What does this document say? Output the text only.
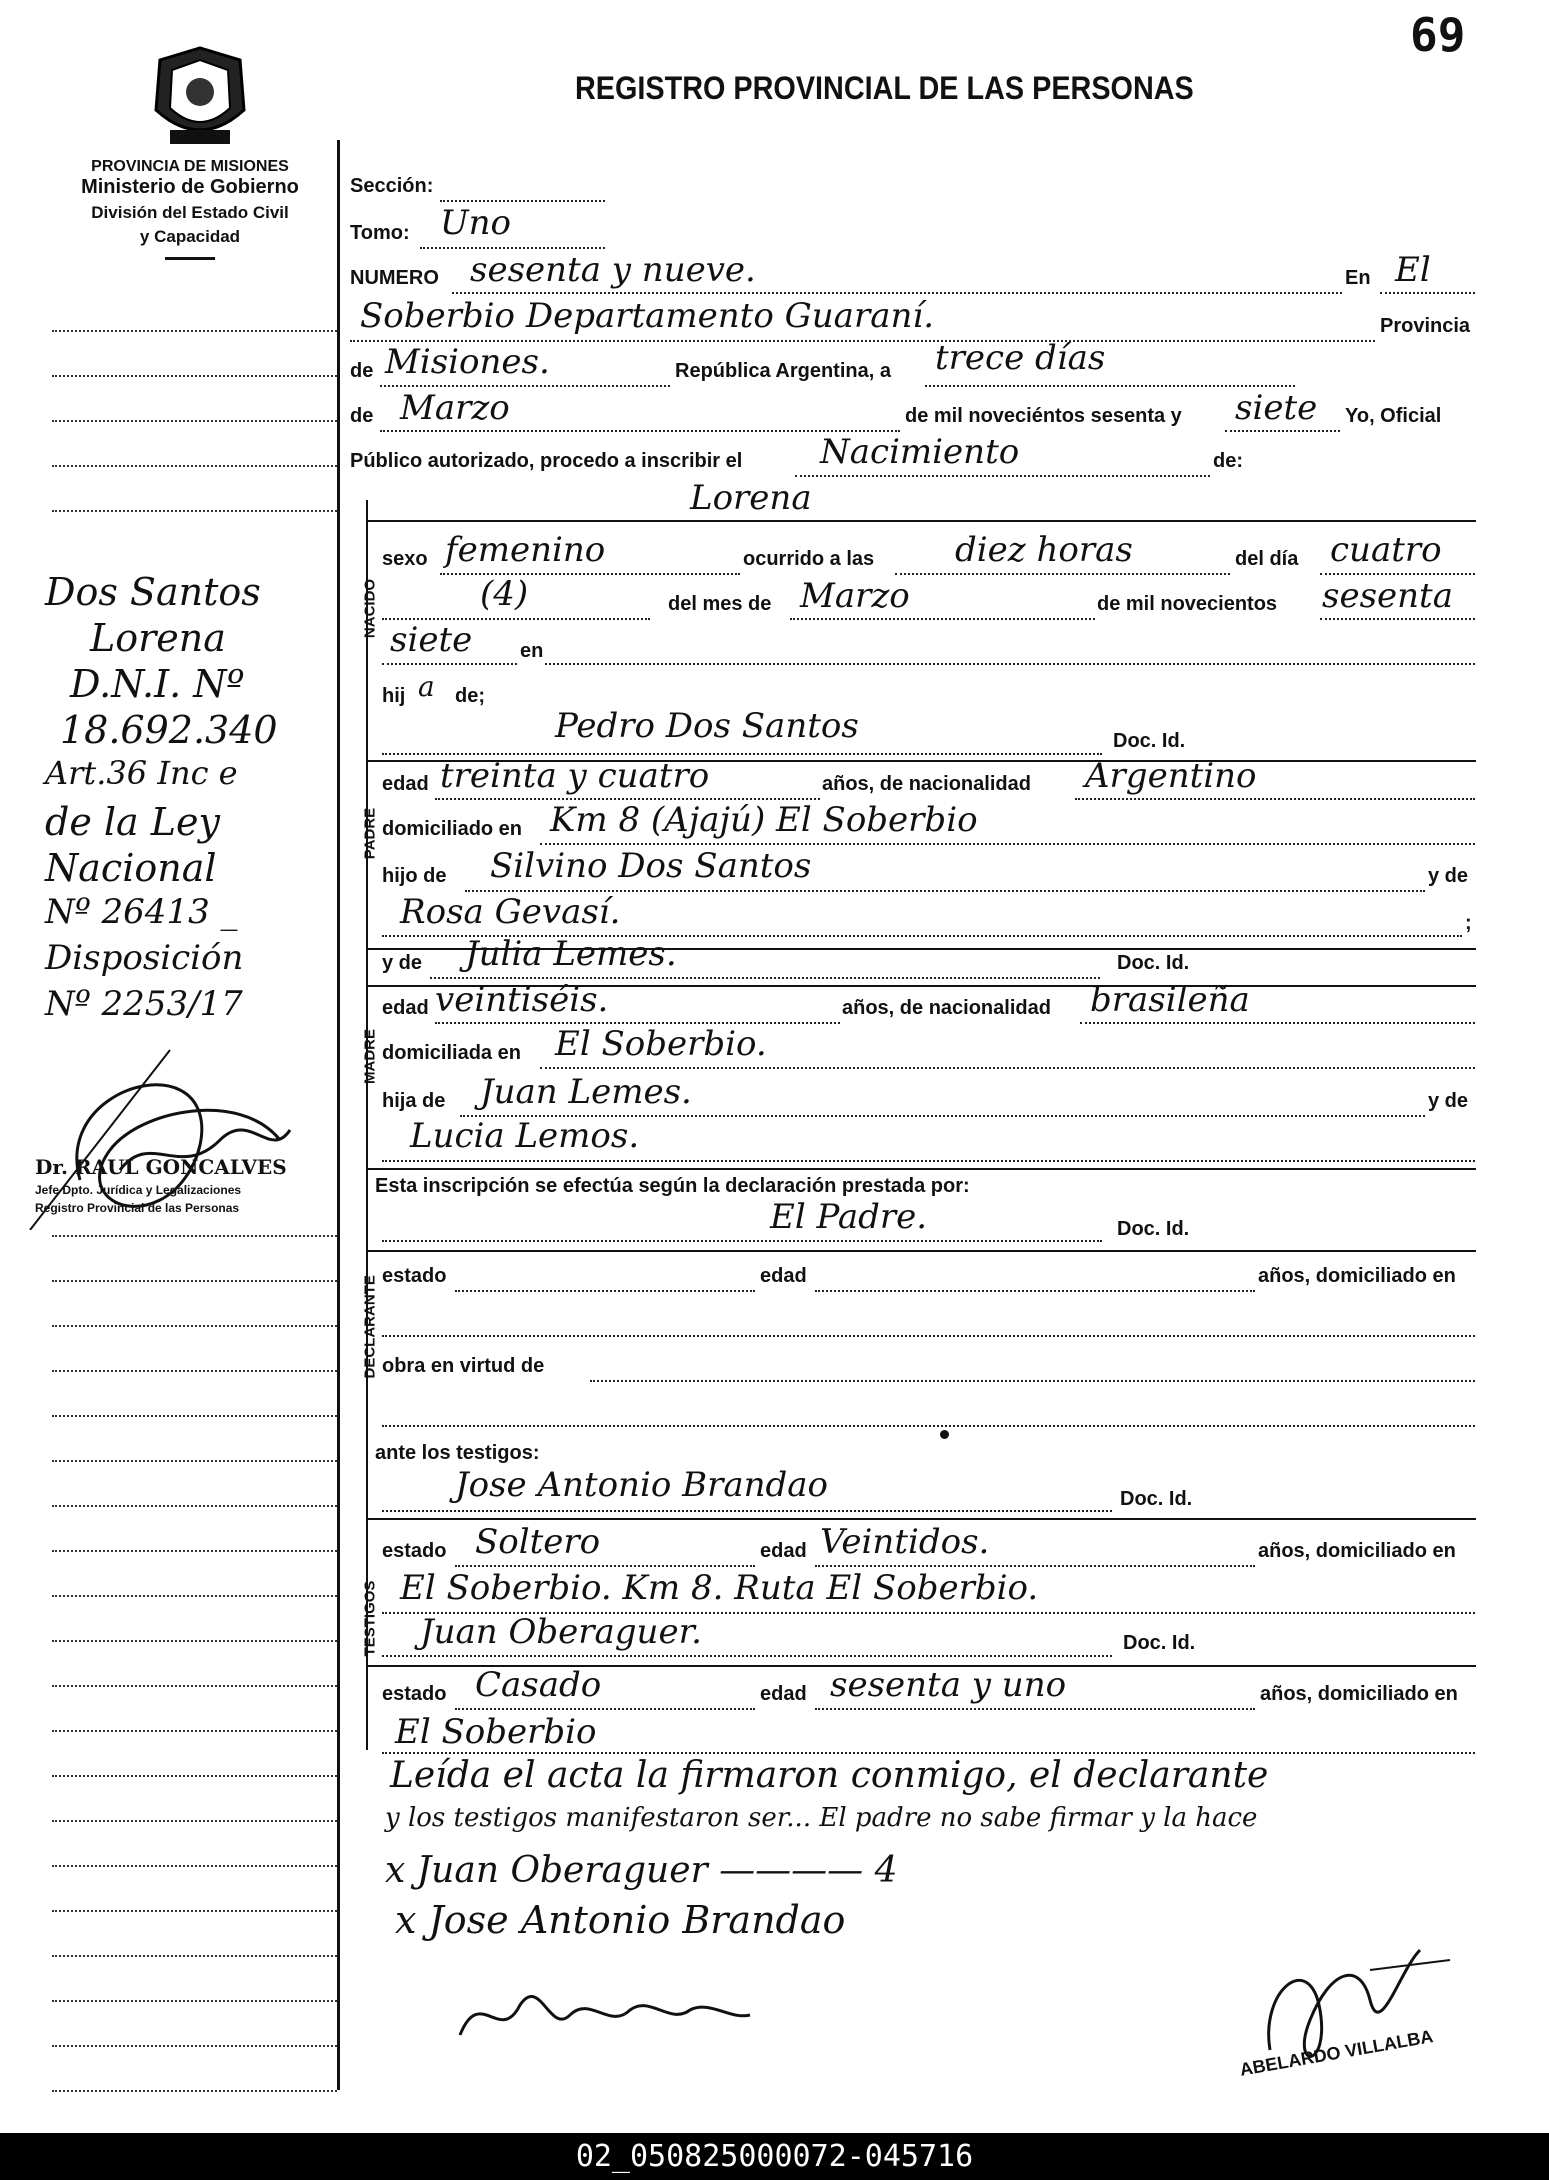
69
REGISTRO PROVINCIAL DE LAS PERSONAS
PROVINCIA DE MISIONES
Ministerio de Gobierno
División del Estado Civil
y Capacidad
Dos Santos
Lorena
D.N.I. Nº
18.692.340
Art.36 Inc e
de la Ley
Nacional
Nº 26413 _
Disposición
Nº 2253/17
Dr. RAUL GONCALVES
Jefe Dpto. Jurídica y Legalizaciones
Registro Provincial de las Personas
NACIDO
PADRE
MADRE
DECLARANTE
TESTIGOS
Sección:
Tomo: Uno
NUMERO sesenta y nueve.	En El
Soberbio Departamento Guaraní.	Provincia
de Misiones.	República Argentina, a trece días
de Marzo	de mil noveciéntos sesenta y siete Yo, Oficial
Público autorizado, procedo a inscribir el Nacimiento	de:
Lorena
sexo femenino	ocurrido a las diez horas	del día cuatro
(4)	del mes de Marzo	de mil novecientos sesenta
siete en
hij a de;
Pedro Dos Santos	Doc. Id.
edad treinta y cuatro	años, de nacionalidad Argentino
domiciliado en Km 8 (Ajajú) El Soberbio
hijo de Silvino Dos Santos	y de
Rosa Gevasí.	;
y de Julia Lemes.	Doc. Id.
edad veintiséis.	años, de nacionalidad brasileña
domiciliada en El Soberbio.
hija de Juan Lemes.	y de
Lucia Lemos.
Esta inscripción se efectúa según la declaración prestada por:
El Padre.	Doc. Id.
estado	edad	años, domiciliado en
obra en virtud de
ante los testigos:
Jose Antonio Brandao	Doc. Id.
estado Soltero	edad Veintidos.	años, domiciliado en
El Soberbio. Km 8. Ruta El Soberbio.
Juan Oberaguer.	Doc. Id.
estado Casado	edad sesenta y uno	años, domiciliado en
El Soberbio
Leída el acta la firmaron conmigo, el declarante
y los testigos manifestaron ser... El padre no sabe firmar y la hace
x Juan Oberaguer ———— 4
x Jose Antonio Brandao
ABELARDO VILLALBA
02_050825000072-045716
